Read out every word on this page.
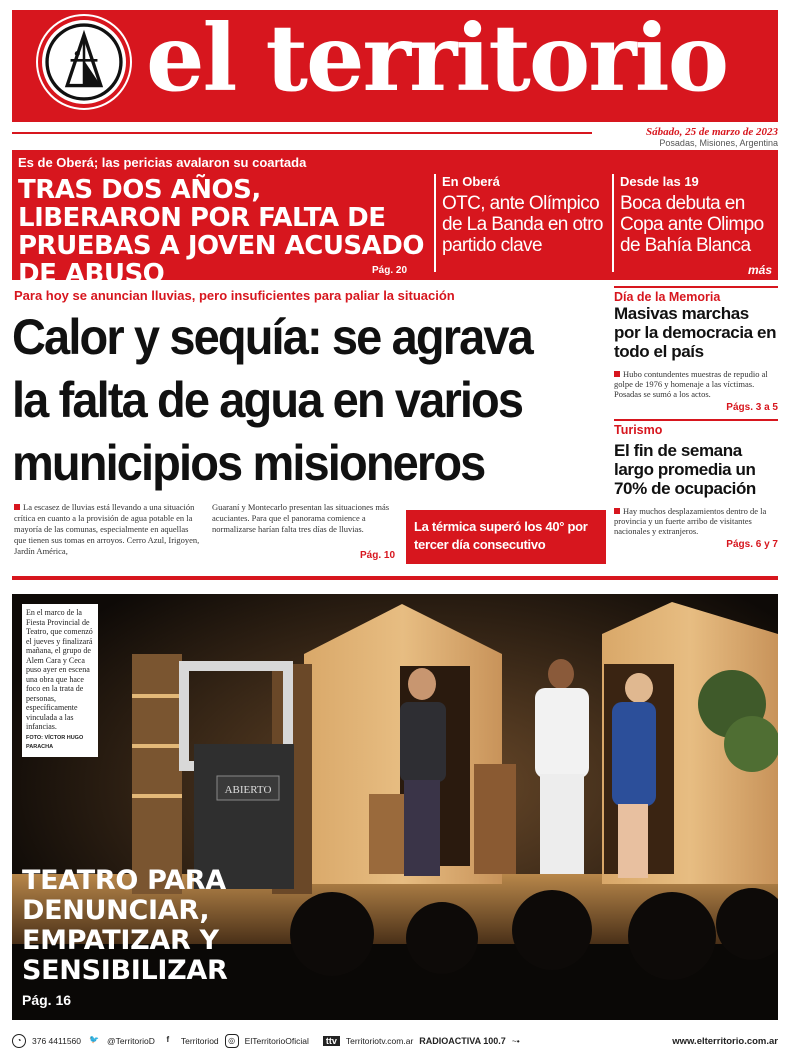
el territorio
Sábado, 25 de marzo de 2023
Posadas, Misiones, Argentina
Es de Oberá; las pericias avalaron su coartada
TRAS DOS AÑOS, LIBERARON POR FALTA DE PRUEBAS A JOVEN ACUSADO DE ABUSO	Pág. 20
En Oberá
OTC, ante Olímpico de La Banda en otro partido clave
Desde las 19
Boca debuta en Copa ante Olimpo de Bahía Blanca
más
Para hoy se anuncian lluvias, pero insuficientes para paliar la situación
Calor y sequía: se agrava
la falta de agua en varios
municipios misioneros
La escasez de lluvias está llevando a una situación crítica en cuanto a la provisión de agua potable en la mayoría de las comunas, especialmente en aquellas que tienen sus tomas en arroyos. Cerro Azul, Irigoyen, Jardín América,
Guaraní y Montecarlo presentan las situaciones más acuciantes. Para que el panorama comience a normalizarse harían falta tres días de lluvias.
Pág. 10
La térmica superó los 40° por tercer día consecutivo
Día de la Memoria
Masivas marchas por la democracia en todo el país
Hubo contundentes muestras de repudio al golpe de 1976 y homenaje a las víctimas. Posadas se sumó a los actos.
Págs. 3 a 5
Turismo
El fin de semana largo promedia un 70% de ocupación
Hay muchos desplazamientos dentro de la provincia y un fuerte arribo de visitantes nacionales y extranjeros.
Págs. 6 y 7
ABIERTO
En el marco de la Fiesta Provincial de Teatro, que comenzó el jueves y finalizará mañana, el grupo de Alem Cara y Ceca puso ayer en escena una obra que hace foco en la trata de personas, específicamente vinculada a las infancias.
FOTO: VÍCTOR HUGO PARACHA
TEATRO PARA DENUNCIAR, EMPATIZAR Y SENSIBILIZAR
Pág. 16
◔	376 4411560 🐦 @TerritorioD	f	Territoriod	◎	ElTerritorioOficial	ttv	Territoriotv.com.ar RADIOACTIVA 100.7 ~•	www.elterritorio.com.ar
